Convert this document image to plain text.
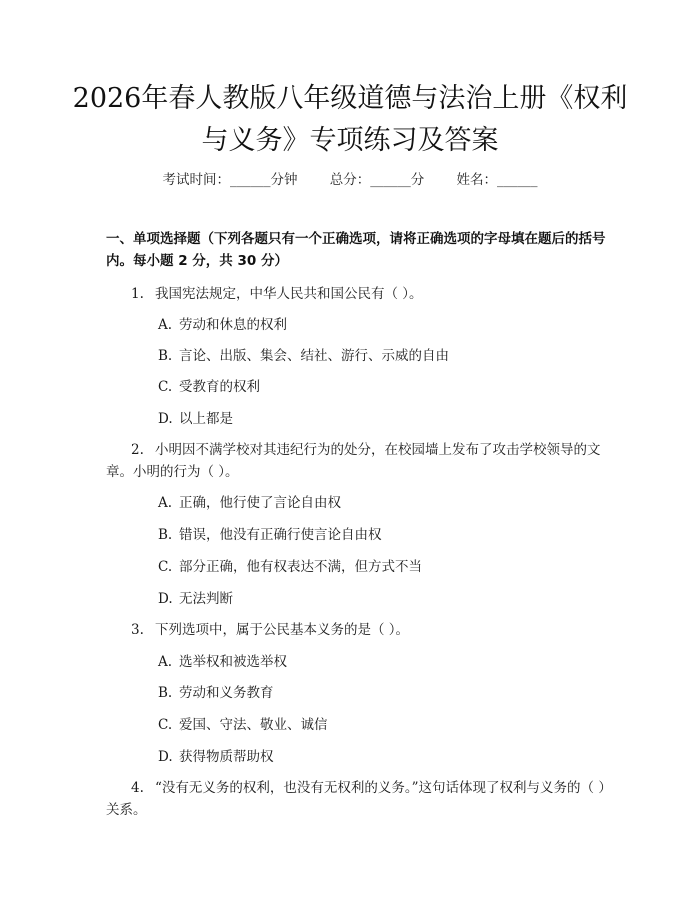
2026年春人教版八年级道德与法治上册《权利与义务》专项练习及答案
考试时间：______分钟 总分：______分 姓名：______
一、单项选择题（下列各题只有一个正确选项，请将正确选项的字母填在题后的括号内。每小题 2 分，共 30 分）
1. 我国宪法规定，中华人民共和国公民有（ ）。
A. 劳动和休息的权利
B. 言论、出版、集会、结社、游行、示威的自由
C. 受教育的权利
D. 以上都是
2. 小明因不满学校对其违纪行为的处分，在校园墙上发布了攻击学校领导的文章。小明的行为（ ）。
A. 正确，他行使了言论自由权
B. 错误，他没有正确行使言论自由权
C. 部分正确，他有权表达不满，但方式不当
D. 无法判断
3. 下列选项中，属于公民基本义务的是（ ）。
A. 选举权和被选举权
B. 劳动和义务教育
C. 爱国、守法、敬业、诚信
D. 获得物质帮助权
4. “没有无义务的权利，也没有无权利的义务。”这句话体现了权利与义务的（ ）关系。
